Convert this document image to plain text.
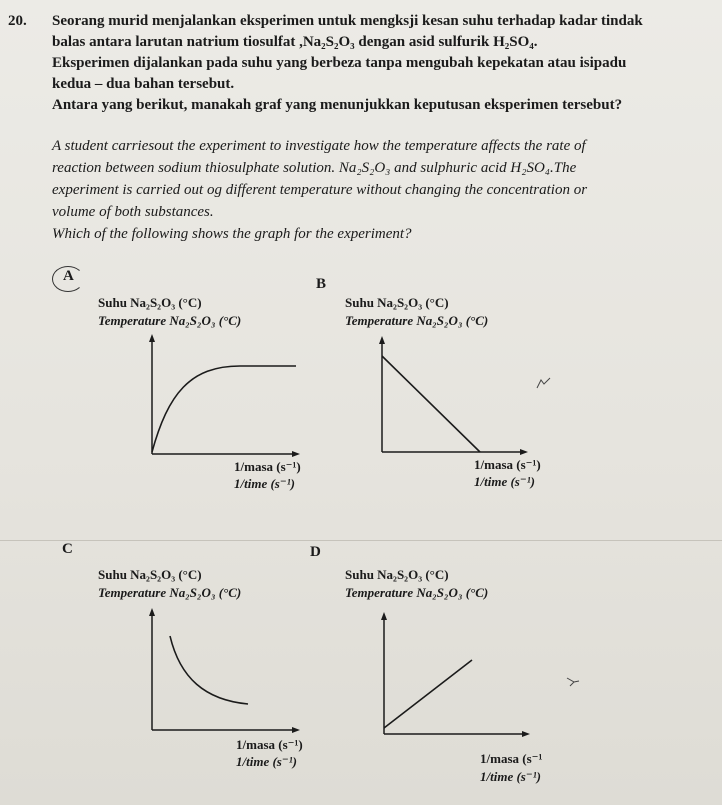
20. Seorang murid menjalankan eksperimen untuk mengksji kesan suhu terhadap kadar tindak
balas antara larutan natrium tiosulfat ,Na₂S₂O₃ dengan asid sulfurik H₂SO₄.
Eksperimen dijalankan pada suhu yang berbeza tanpa mengubah kepekatan atau isipadu
kedua – dua bahan tersebut.
Antara yang berikut, manakah graf yang menunjukkan keputusan eksperimen tersebut?
A student carriesout the experiment to investigate how the temperature affects the rate of
reaction between sodium thiosulphate solution. Na₂S₂O₃ and sulphuric acid H₂SO₄.The
experiment is carried out og different temperature without changing the concentration or
volume of both substances.
Which of the following shows the graph for the experiment?
A
Suhu Na₂S₂O₃ (°C)
Temperature Na₂S₂O₃ (°C)
1/masa (s⁻¹)
1/time (s⁻¹)
B
Suhu Na₂S₂O₃ (°C)
Temperature Na₂S₂O₃ (°C)
1/masa (s⁻¹)
1/time (s⁻¹)
C
Suhu Na₂S₂O₃ (°C)
Temperature Na₂S₂O₃ (°C)
1/masa (s⁻¹)
1/time (s⁻¹)
D
Suhu Na₂S₂O₃ (°C)
Temperature Na₂S₂O₃ (°C)
1/masa (s⁻¹
1/time (s⁻¹)
